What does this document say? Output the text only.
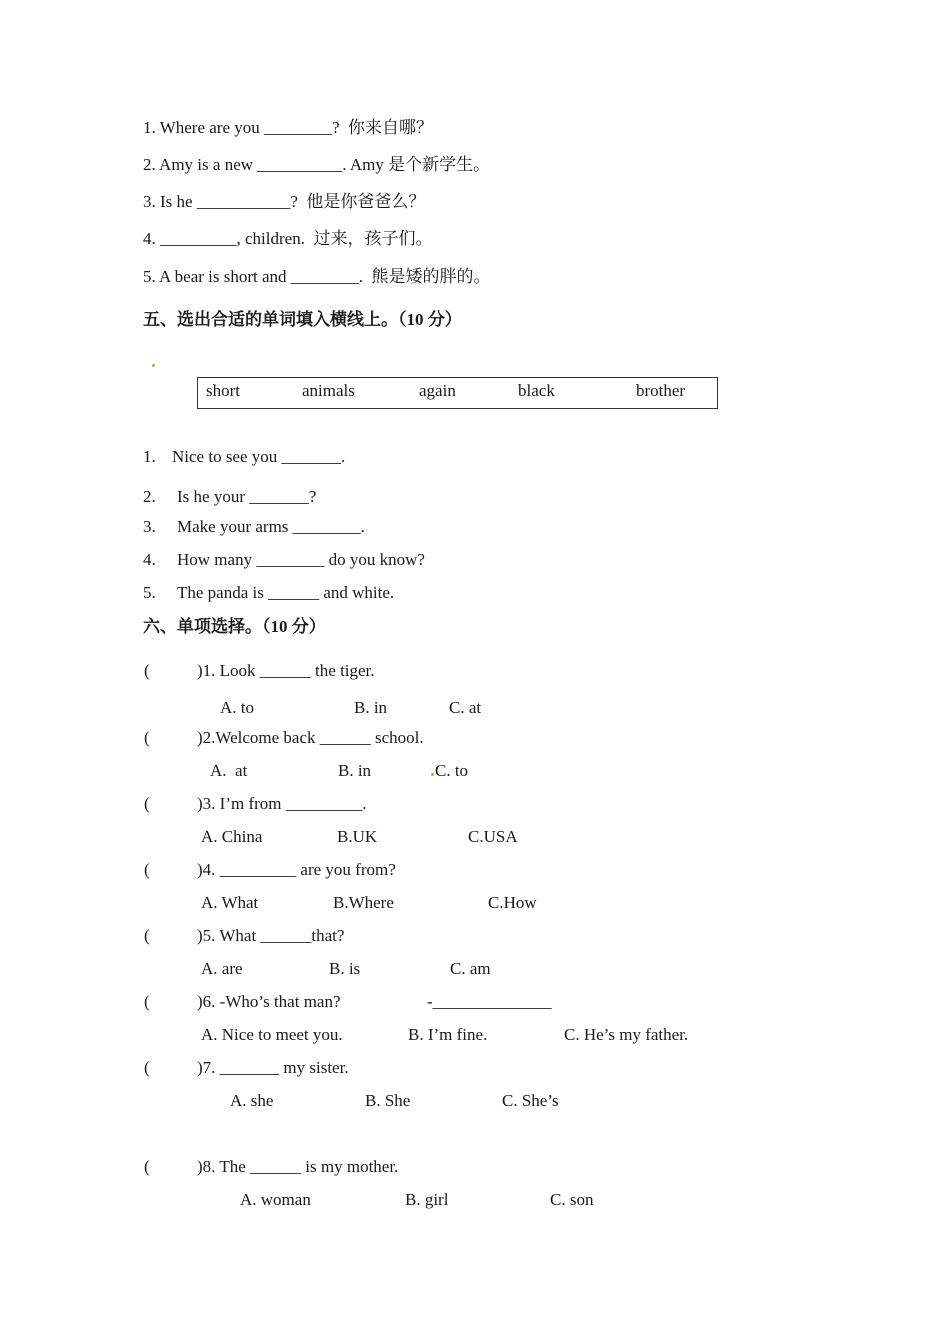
1. Where are you ________?  你来自哪？
2. Amy is a new __________. Amy 是个新学生。
3. Is he ___________?  他是你爸爸么？
4. _________, children.  过来，孩子们。
5. A bear is short and ________.  熊是矮的胖的。
五、选出合适的单词填入横线上。（10 分）
short	animals	again	black	brother
1. Nice to see you _______.
2. Is he your _______?
3. Make your arms ________.
4. How many ________ do you know?
5. The panda is ______ and white.
六、单项选择。（10 分）
(	)1. Look ______ the tiger.
A. to	B. in	C. at
(	)2.Welcome back ______ school.
A.  at	B. in	C. to
(	)3. I’m from _________.
A. China	B.UK	C.USA
(	)4. _________ are you from?
A. What	B.Where	C.How
(	)5. What ______that?
A. are	B. is	C. am
(	)6. -Who’s that man?	-______________
A. Nice to meet you.	B. I’m fine.	C. He’s my father.
(	)7. _______ my sister.
A. she	B. She	C. She’s
(	)8. The ______ is my mother.
A. woman	B. girl	C. son
